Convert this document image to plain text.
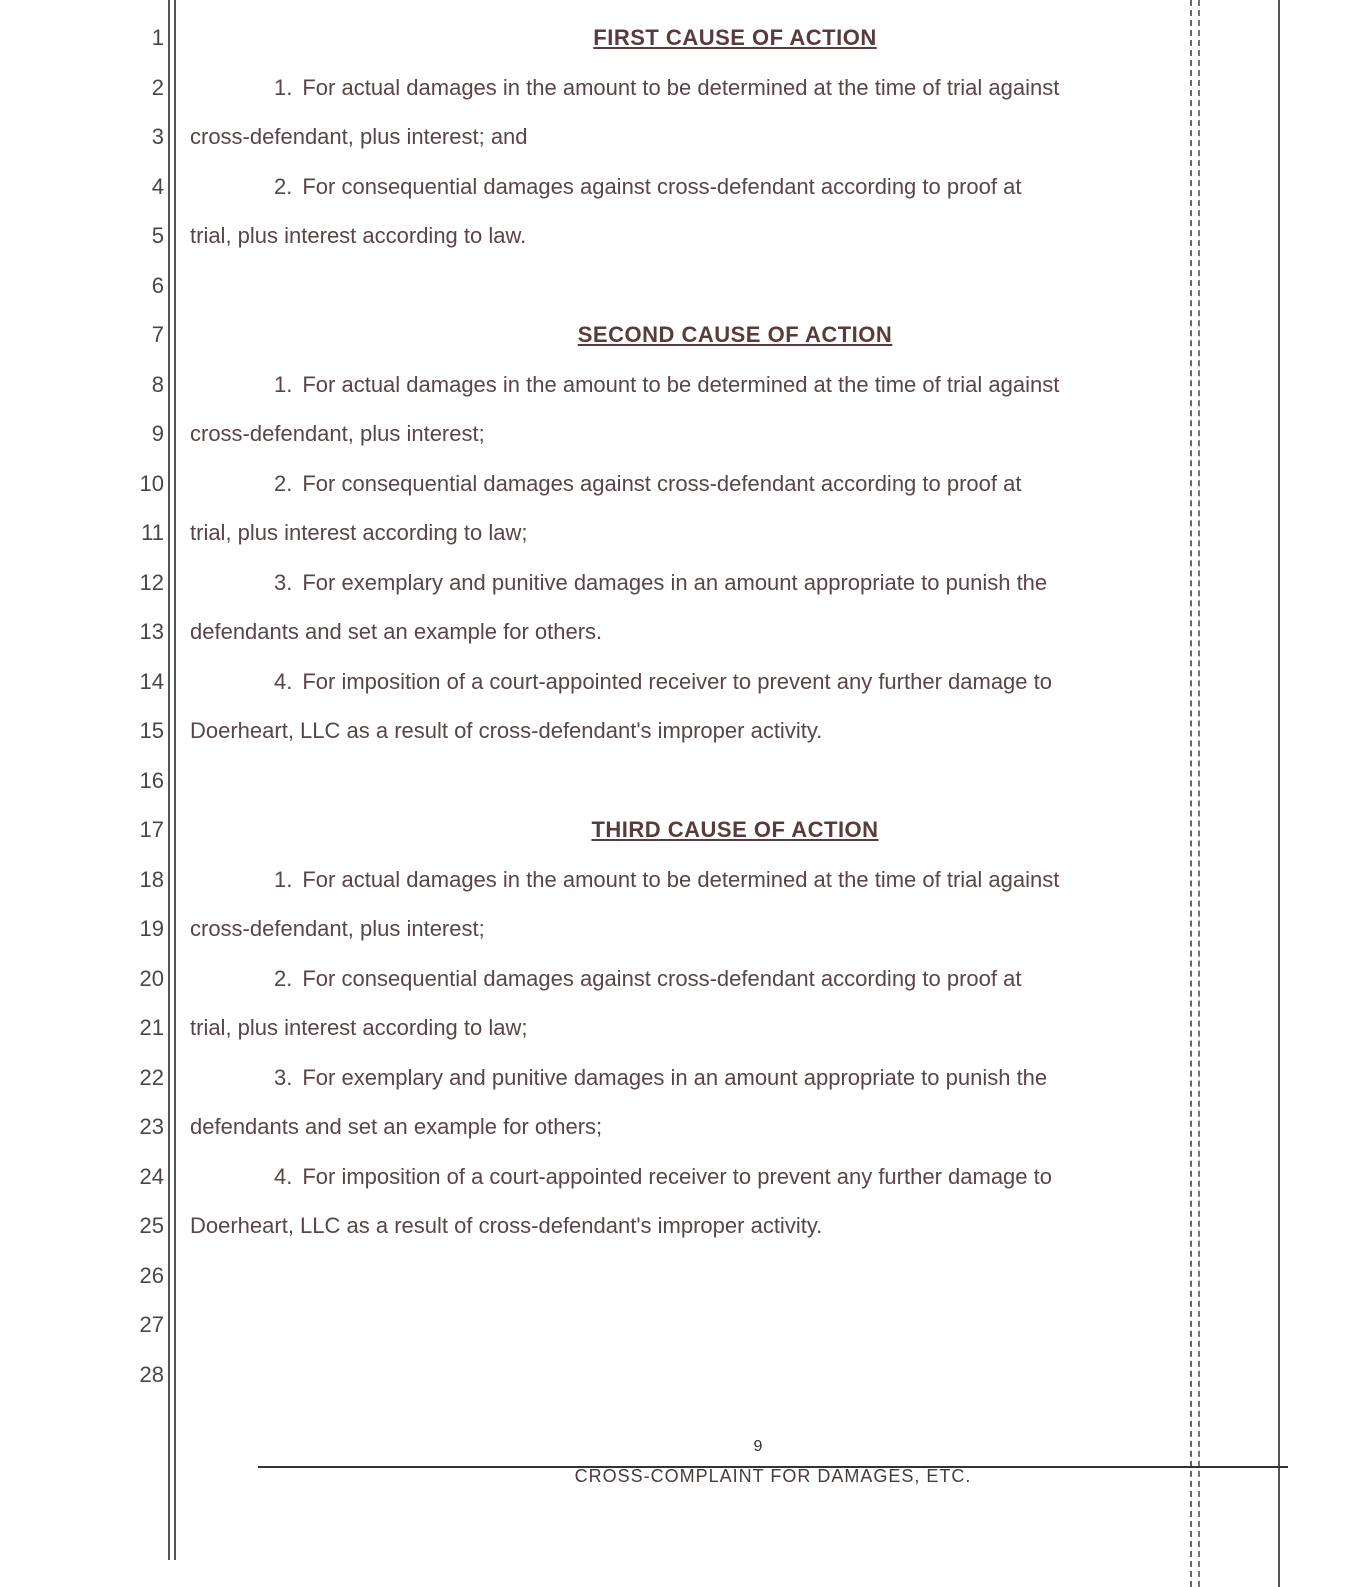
1
2
3
4
5
6
7
8
9
10
11
12
13
14
15
16
17
18
19
20
21
22
23
24
25
26
27
28
FIRST CAUSE OF ACTION
1. For actual damages in the amount to be determined at the time of trial against
cross-defendant, plus interest; and
2. For consequential damages against cross-defendant according to proof at
trial, plus interest according to law.
SECOND CAUSE OF ACTION
1. For actual damages in the amount to be determined at the time of trial against
cross-defendant, plus interest;
2. For consequential damages against cross-defendant according to proof at
trial, plus interest according to law;
3. For exemplary and punitive damages in an amount appropriate to punish the
defendants and set an example for others.
4. For imposition of a court-appointed receiver to prevent any further damage to
Doerheart, LLC as a result of cross-defendant's improper activity.
THIRD CAUSE OF ACTION
1. For actual damages in the amount to be determined at the time of trial against
cross-defendant, plus interest;
2. For consequential damages against cross-defendant according to proof at
trial, plus interest according to law;
3. For exemplary and punitive damages in an amount appropriate to punish the
defendants and set an example for others;
4. For imposition of a court-appointed receiver to prevent any further damage to
Doerheart, LLC as a result of cross-defendant's improper activity.
9
CROSS-COMPLAINT FOR DAMAGES, ETC.
